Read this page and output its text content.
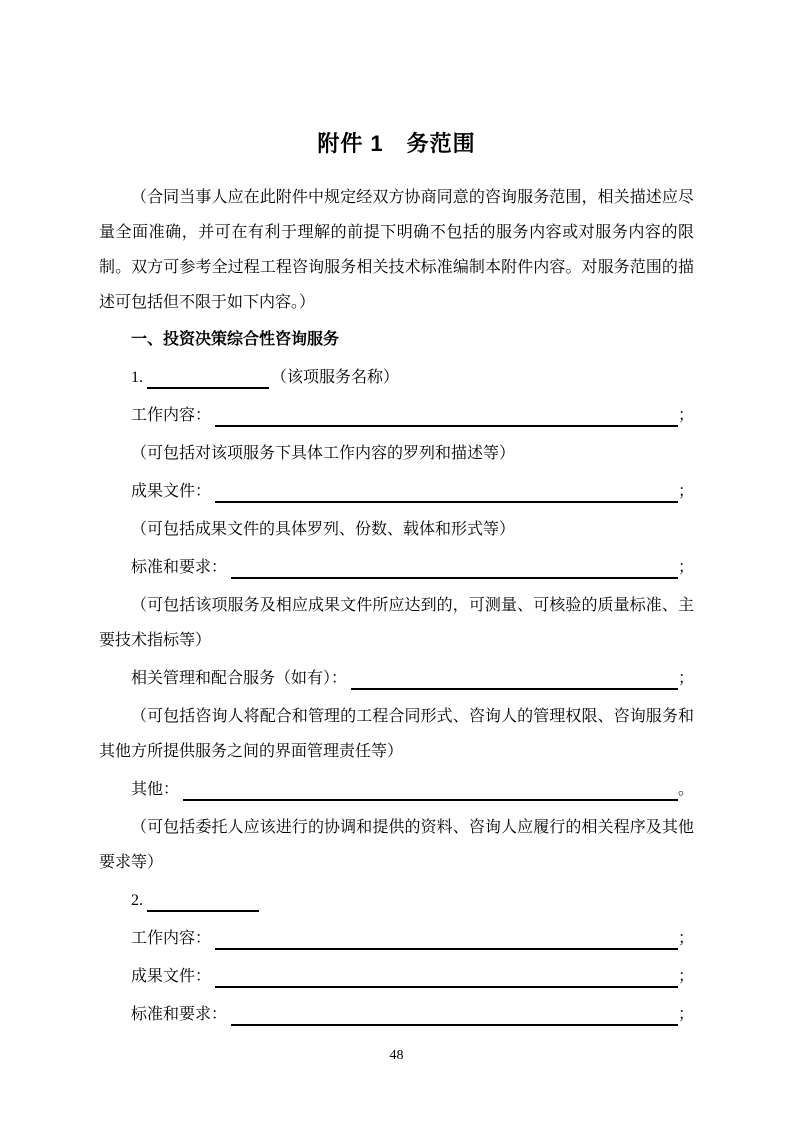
附件 1　务范围

（合同当事人应在此附件中规定经双方协商同意的咨询服务范围，相关描述应尽量全面准确，并可在有利于理解的前提下明确不包括的服务内容或对服务内容的限制。双方可参考全过程工程咨询服务相关技术标准编制本附件内容。对服务范围的描述可包括但不限于如下内容。）

一、投资决策综合性咨询服务
1.	（该项服务名称）
工作内容：	；

（可包括对该项服务下具体工作内容的罗列和描述等）

成果文件：	；

（可包括成果文件的具体罗列、份数、载体和形式等）

标准和要求：	；

（可包括该项服务及相应成果文件所应达到的，可测量、可核验的质量标准、主要技术指标等）

相关管理和配合服务（如有）：	；

（可包括咨询人将配合和管理的工程合同形式、咨询人的管理权限、咨询服务和其他方所提供服务之间的界面管理责任等）

其他：	。

（可包括委托人应该进行的协调和提供的资料、咨询人应履行的相关程序及其他要求等）

2.
工作内容：	；
成果文件：	；
标准和要求：	；
48
